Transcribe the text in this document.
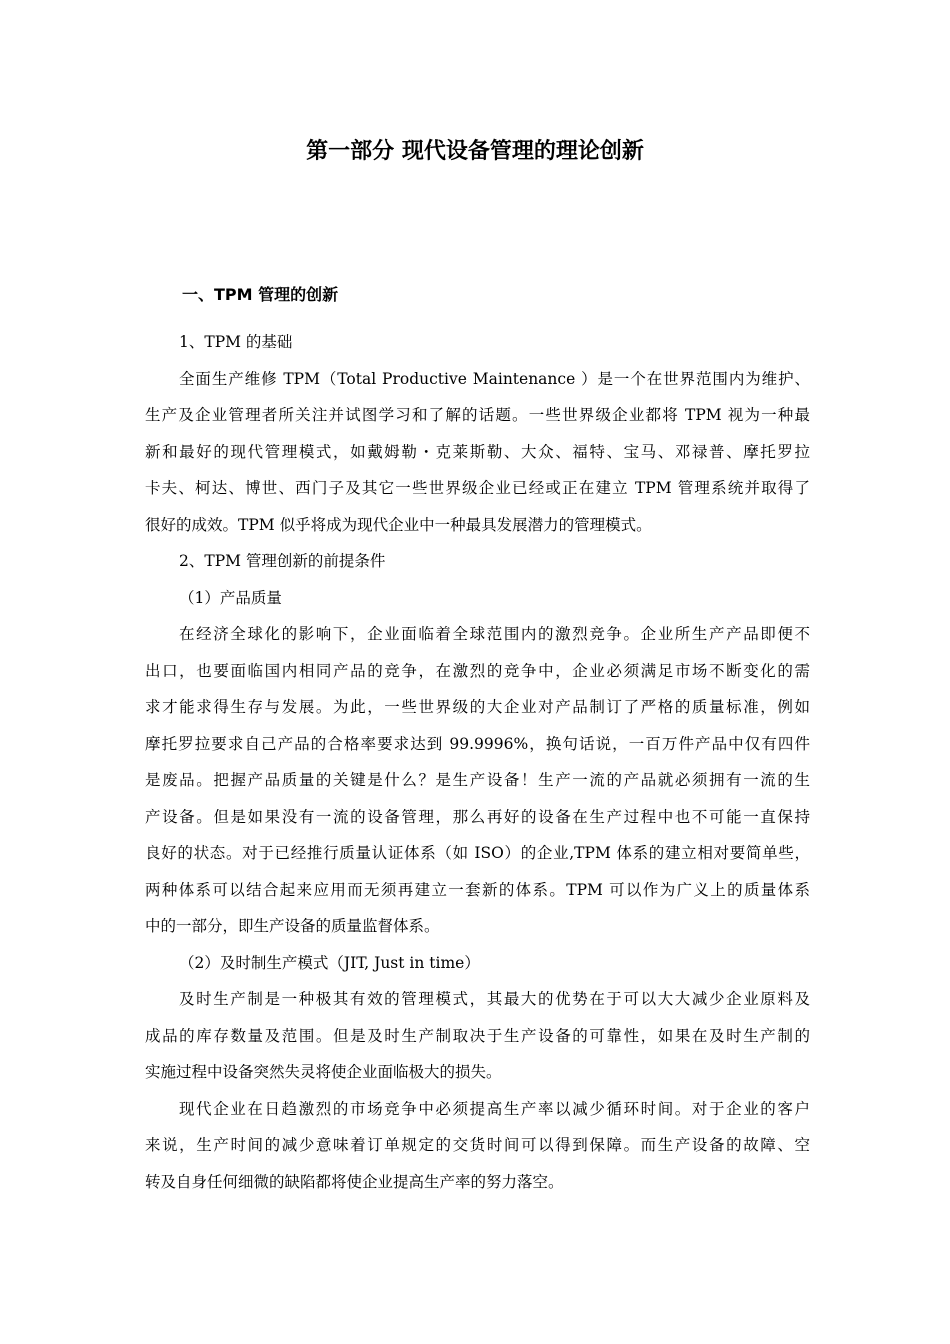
第一部分 现代设备管理的理论创新
一、TPM 管理的创新
1、TPM 的基础
全面生产维修 TPM（Total Productive Maintenance ）是一个在世界范围内为维护、
生产及企业管理者所关注并试图学习和了解的话题。一些世界级企业都将 TPM 视为一种最
新和最好的现代管理模式，如戴姆勒・克莱斯勒、大众、福特、宝马、邓禄普、摩托罗拉
卡夫、柯达、博世、西门子及其它一些世界级企业已经或正在建立 TPM 管理系统并取得了
很好的成效。TPM 似乎将成为现代企业中一种最具发展潜力的管理模式。
2、TPM 管理创新的前提条件
（1）产品质量
在经济全球化的影响下，企业面临着全球范围内的激烈竞争。企业所生产产品即便不
出口，也要面临国内相同产品的竞争，在激烈的竞争中，企业必须满足市场不断变化的需
求才能求得生存与发展。为此，一些世界级的大企业对产品制订了严格的质量标准，例如
摩托罗拉要求自己产品的合格率要求达到 99.9996%，换句话说，一百万件产品中仅有四件
是废品。把握产品质量的关键是什么？是生产设备！生产一流的产品就必须拥有一流的生
产设备。但是如果没有一流的设备管理，那么再好的设备在生产过程中也不可能一直保持
良好的状态。对于已经推行质量认证体系（如 ISO）的企业,TPM 体系的建立相对要简单些，
两种体系可以结合起来应用而无须再建立一套新的体系。TPM 可以作为广义上的质量体系
中的一部分，即生产设备的质量监督体系。
（2）及时制生产模式（JIT, Just in time）
及时生产制是一种极其有效的管理模式，其最大的优势在于可以大大减少企业原料及
成品的库存数量及范围。但是及时生产制取决于生产设备的可靠性，如果在及时生产制的
实施过程中设备突然失灵将使企业面临极大的损失。
现代企业在日趋激烈的市场竞争中必须提高生产率以减少循环时间。对于企业的客户
来说，生产时间的减少意味着订单规定的交货时间可以得到保障。而生产设备的故障、空
转及自身任何细微的缺陷都将使企业提高生产率的努力落空。
